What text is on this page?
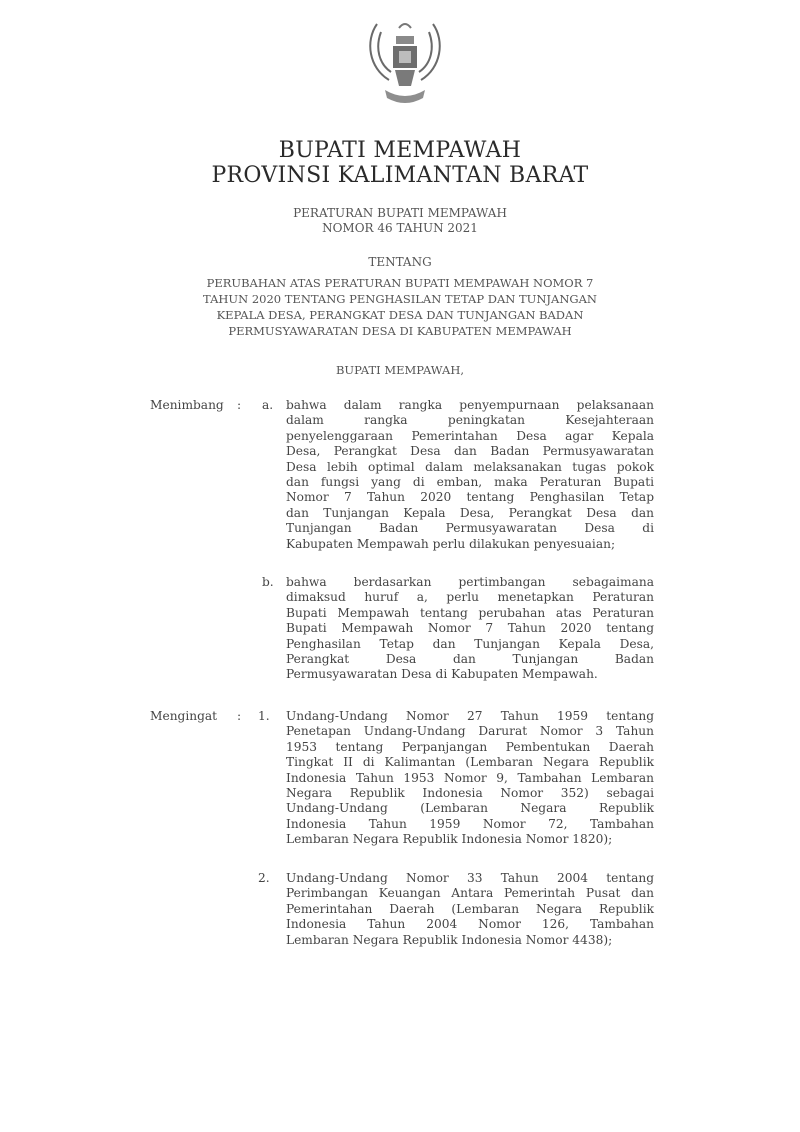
BUPATI MEMPAWAH
PROVINSI KALIMANTAN BARAT
PERATURAN BUPATI MEMPAWAH
NOMOR 46 TAHUN 2021
TENTANG
PERUBAHAN ATAS PERATURAN BUPATI MEMPAWAH NOMOR 7
TAHUN 2020 TENTANG PENGHASILAN TETAP DAN TUNJANGAN
KEPALA DESA, PERANGKAT DESA DAN TUNJANGAN BADAN
PERMUSYAWARATAN DESA DI KABUPATEN MEMPAWAH
BUPATI MEMPAWAH,
Menimbang : a. bahwa dalam rangka penyempurnaan pelaksanaan
dalam rangka peningkatan Kesejahteraan
penyelenggaraan Pemerintahan Desa agar Kepala
Desa, Perangkat Desa dan Badan Permusyawaratan
Desa lebih optimal dalam melaksanakan tugas pokok
dan fungsi yang di emban, maka Peraturan Bupati
Nomor 7 Tahun 2020 tentang Penghasilan Tetap
dan Tunjangan Kepala Desa, Perangkat Desa dan
Tunjangan Badan Permusyawaratan Desa di
Kabupaten Mempawah perlu dilakukan penyesuaian;
b. bahwa berdasarkan pertimbangan sebagaimana
dimaksud huruf a, perlu menetapkan Peraturan
Bupati Mempawah tentang perubahan atas Peraturan
Bupati Mempawah Nomor 7 Tahun 2020 tentang
Penghasilan Tetap dan Tunjangan Kepala Desa,
Perangkat Desa dan Tunjangan Badan
Permusyawaratan Desa di Kabupaten Mempawah.
Mengingat : 1. Undang-Undang Nomor 27 Tahun 1959 tentang
Penetapan Undang-Undang Darurat Nomor 3 Tahun
1953 tentang Perpanjangan Pembentukan Daerah
Tingkat II di Kalimantan (Lembaran Negara Republik
Indonesia Tahun 1953 Nomor 9, Tambahan Lembaran
Negara Republik Indonesia Nomor 352) sebagai
Undang-Undang (Lembaran Negara Republik
Indonesia Tahun 1959 Nomor 72, Tambahan
Lembaran Negara Republik Indonesia Nomor 1820);
2. Undang-Undang Nomor 33 Tahun 2004 tentang
Perimbangan Keuangan Antara Pemerintah Pusat dan
Pemerintahan Daerah (Lembaran Negara Republik
Indonesia Tahun 2004 Nomor 126, Tambahan
Lembaran Negara Republik Indonesia Nomor 4438);
